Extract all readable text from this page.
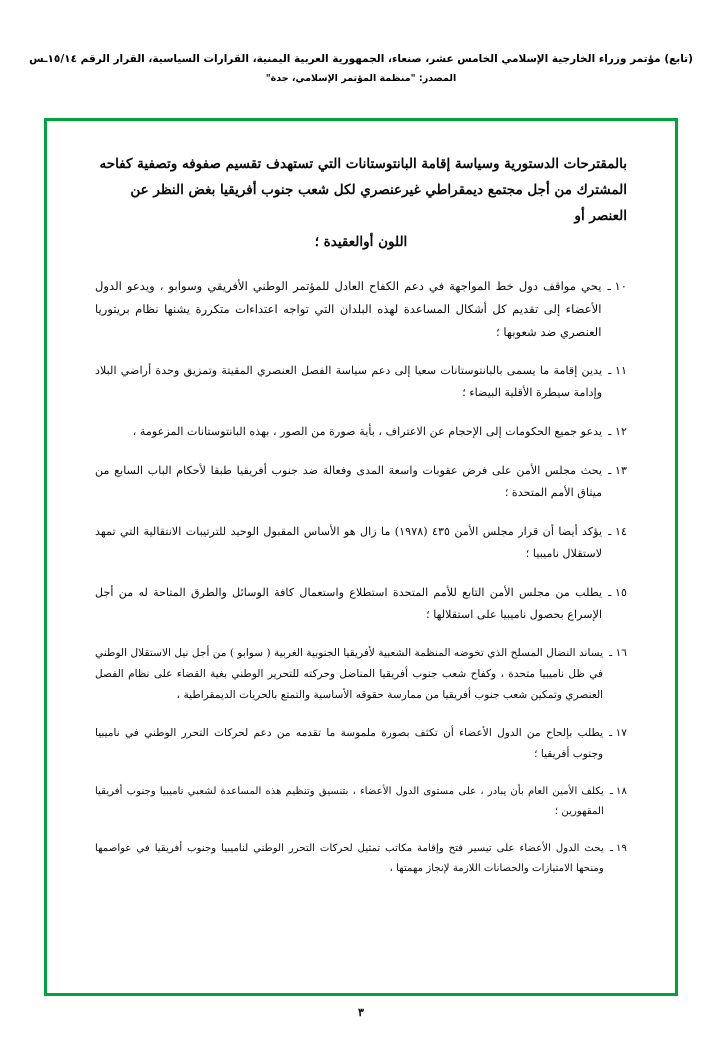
(تابع) مؤتمر وزراء الخارجية الإسلامي الخامس عشر، صنعاء، الجمهورية العربية اليمنية، القرارات السياسية، القرار الرقم ١٥/١٤ـس
المصدر: "منظمة المؤتمر الإسلامي، جدة"
بالمقترحات الدستورية وسياسة إقامة البانتوستانات التي تستهدف تقسيم صفوفه وتصفية كفاحه
المشترك من أجل مجتمع ديمقراطي غيرعنصري لكل شعب جنوب أفريقيا بغض النظر عن العنصر أو
اللون أوالعقيدة ؛
١٠ ـ
يحي مواقف دول خط المواجهة في دعم الكفاح العادل للمؤتمر الوطني الأفريقي وسوابو ، ويدعو الدول الأعضاء إلى تقديم كل أشكال المساعدة لهذه البلدان التي تواجه اعتداءات متكررة يشنها نظام بريتوريا العنصري ضد شعوبها ؛
١١ ـ
يدين إقامة ما يسمى بالبانتوستانات سعيا إلى دعم سياسة الفصل العنصري المقيتة وتمزيق وحدة أراضي البلاد وإدامة سيطرة الأقلية البيضاء ؛
١٢ ـ
يدعو جميع الحكومات إلى الإحجام عن الاعتراف ، بأية صورة من الصور ، بهذه البانتوستانات المزعومة ،
١٣ ـ
يحث مجلس الأمن على فرض عقوبات واسعة المدى وفعالة ضد جنوب أفريقيا طبقا لأحكام الباب السابع من ميثاق الأمم المتحدة ؛
١٤ ـ
يؤكد أيضا أن قرار مجلس الأمن ٤٣٥ (١٩٧٨) ما زال هو الأساس المقبول الوحيد للترتيبات الانتقالية التي تمهد لاستقلال ناميبيا ؛
١٥ ـ
يطلب من مجلس الأمن التابع للأمم المتحدة استطلاع واستعمال كافة الوسائل والطرق المتاحة له من أجل الإسراع بحصول ناميبيا على استقلالها ؛
١٦ ـ
يساند النضال المسلح الذي تخوضه المنظمة الشعبية لأفريقيا الجنوبية الغربية ( سوابو ) من أجل نيل الاستقلال الوطني في ظل ناميبيا متحدة ، وكفاح شعب جنوب أفريقيا المناضل وحركته للتحرير الوطني بغية القضاء على نظام الفصل العنصري وتمكين شعب جنوب أفريقيا من ممارسة حقوقه الأساسية والتمتع بالحريات الديمقراطية ،
١٧ ـ
يطلب بإلحاح من الدول الأعضاء أن تكثف بصورة ملموسة ما تقدمه من دعم لحركات التحرر الوطني في ناميبيا وجنوب أفريقيا ؛
١٨ ـ
يكلف الأمين العام بأن يبادر ، على مستوى الدول الأعضاء ، بتنسيق وتنظيم هذه المساعدة لشعبي ناميبيا وجنوب أفريقيا المقهورين ؛
١٩ ـ
يحث الدول الأعضاء على تيسير فتح وإقامة مكاتب تمثيل لحركات التحرر الوطني لناميبيا وجنوب أفريقيا في عواصمها ومنحها الامتيازات والحصانات اللازمة لإنجاز مهمتها ،
٣
